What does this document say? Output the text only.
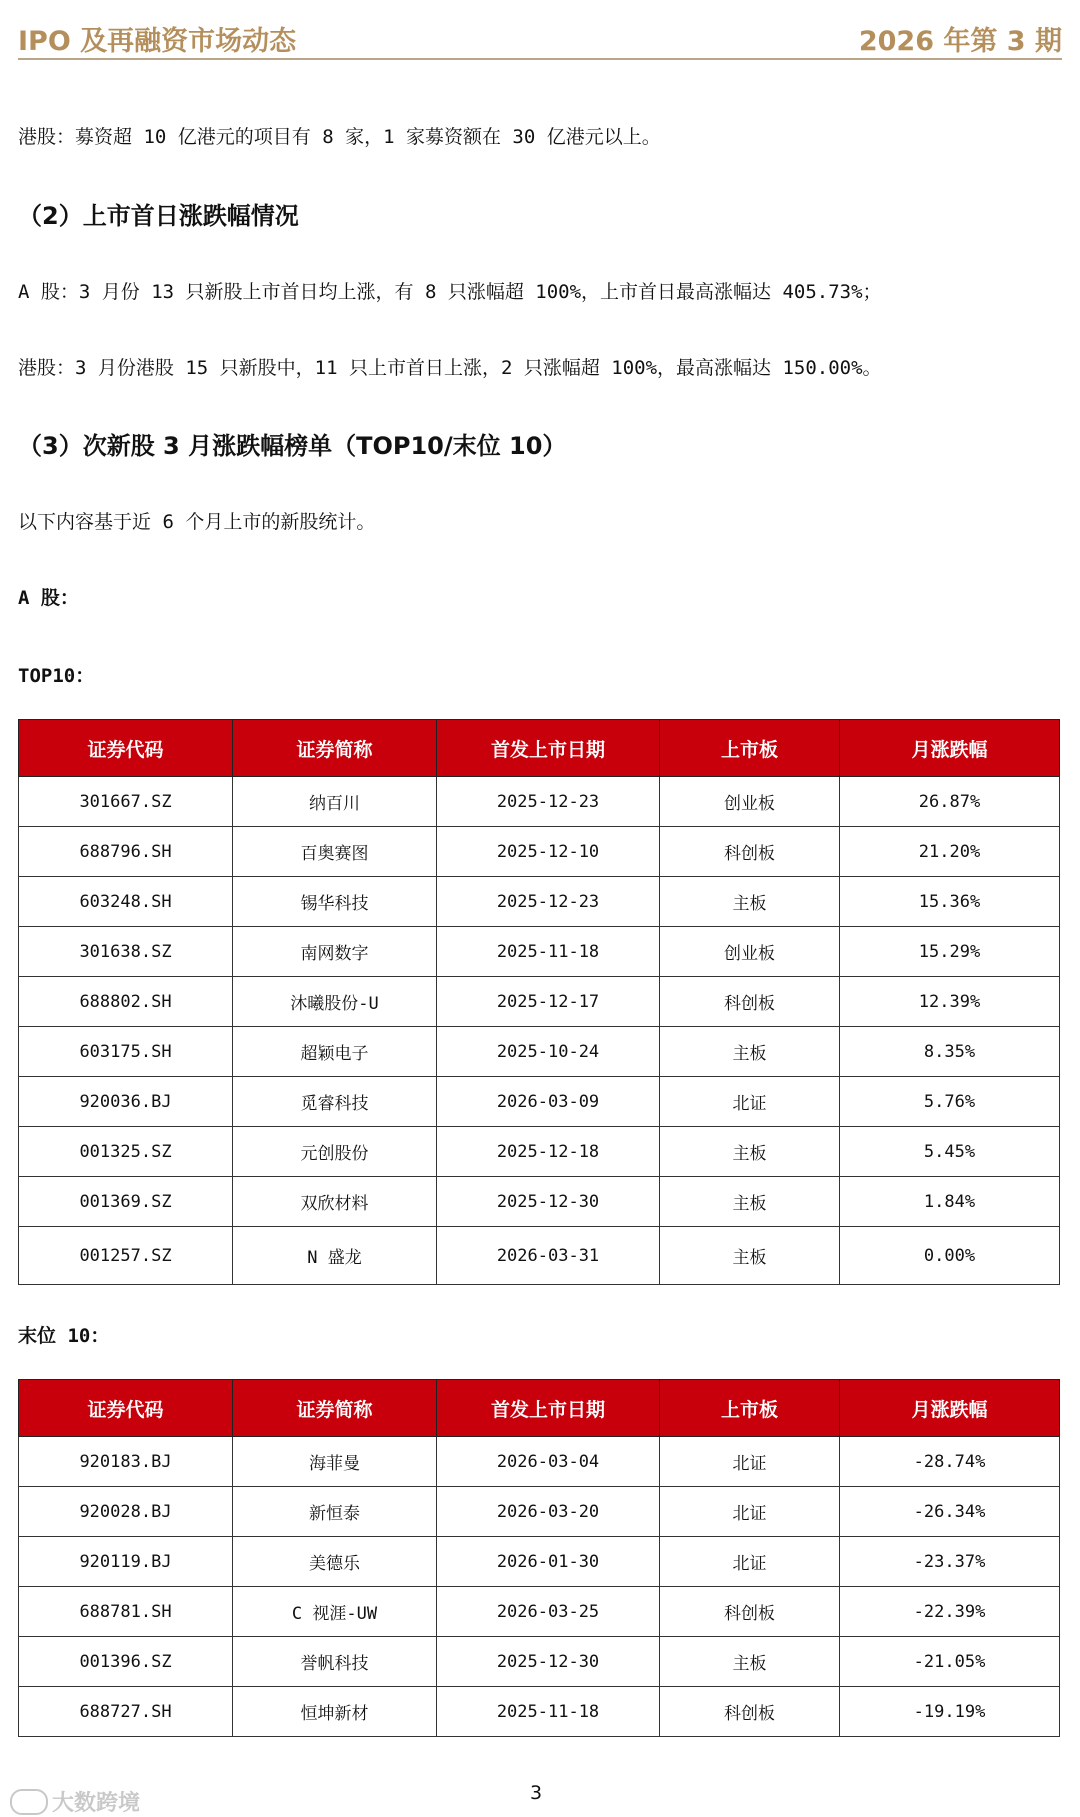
IPO 及再融资市场动态	2026 年第 3 期
港股：募资超 10 亿港元的项目有 8 家，1 家募资额在 30 亿港元以上。
（2）上市首日涨跌幅情况
A 股：3 月份 13 只新股上市首日均上涨，有 8 只涨幅超 100%，上市首日最高涨幅达 405.73%；
港股：3 月份港股 15 只新股中，11 只上市首日上涨，2 只涨幅超 100%，最高涨幅达 150.00%。
（3）次新股 3 月涨跌幅榜单（TOP10/末位 10）
以下内容基于近 6 个月上市的新股统计。
A 股：
TOP10：
证券代码	证券简称	首发上市日期	上市板	月涨跌幅
301667.SZ	纳百川	2025-12-23	创业板	26.87%
688796.SH	百奥赛图	2025-12-10	科创板	21.20%
603248.SH	锡华科技	2025-12-23	主板	15.36%
301638.SZ	南网数字	2025-11-18	创业板	15.29%
688802.SH	沐曦股份-U	2025-12-17	科创板	12.39%
603175.SH	超颖电子	2025-10-24	主板	8.35%
920036.BJ	觅睿科技	2026-03-09	北证	5.76%
001325.SZ	元创股份	2025-12-18	主板	5.45%
001369.SZ	双欣材料	2025-12-30	主板	1.84%
001257.SZ	N 盛龙	2026-03-31	主板	0.00%
末位 10：
证券代码	证券简称	首发上市日期	上市板	月涨跌幅
920183.BJ	海菲曼	2026-03-04	北证	-28.74%
920028.BJ	新恒泰	2026-03-20	北证	-26.34%
920119.BJ	美德乐	2026-01-30	北证	-23.37%
688781.SH	C 视涯-UW	2026-03-25	科创板	-22.39%
001396.SZ	誉帆科技	2025-12-30	主板	-21.05%
688727.SH	恒坤新材	2025-11-18	科创板	-19.19%
3
大数跨境
